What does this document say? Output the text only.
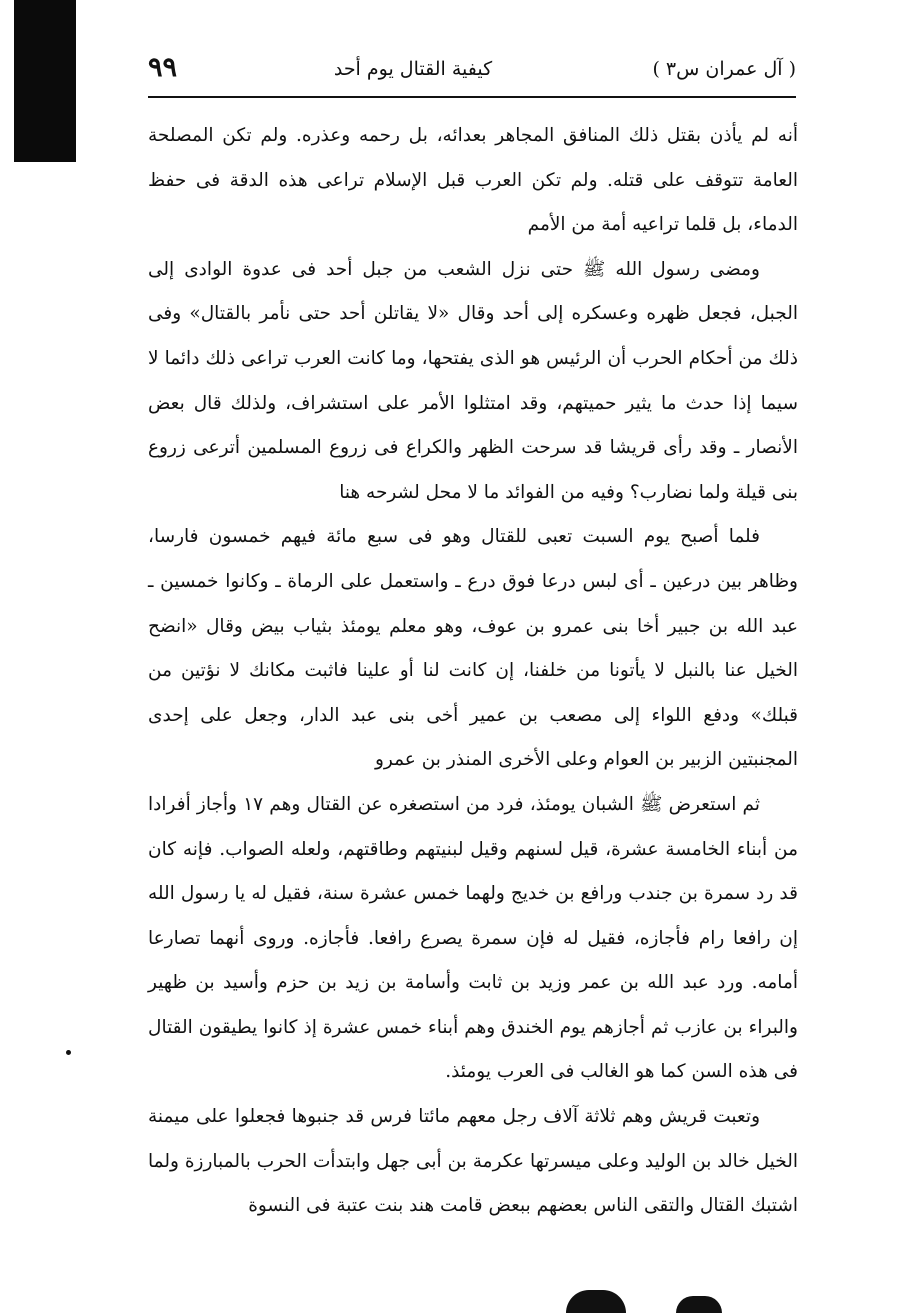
٩٩	كيفية القتال يوم أحد	( آل عمران س٣ )

أنه لم يأذن بقتل ذلك المنافق المجاهر بعدائه، بل رحمه وعذره. ولم تكن المصلحة العامة تتوقف على قتله. ولم تكن العرب قبل الإسلام تراعى هذه الدقة فى حفظ الدماء، بل قلما تراعيه أمة من الأمم

ومضى رسول الله ﷺ حتى نزل الشعب من جبل أحد فى عدوة الوادى إلى الجبل، فجعل ظهره وعسكره إلى أحد وقال «لا يقاتلن أحد حتى نأمر بالقتال» وفى ذلك من أحكام الحرب أن الرئيس هو الذى يفتحها، وما كانت العرب تراعى ذلك دائما لا سيما إذا حدث ما يثير حميتهم، وقد امتثلوا الأمر على استشراف، ولذلك قال بعض الأنصار ـ وقد رأى قريشا قد سرحت الظهر والكراع فى زروع المسلمين أترعى زروع بنى قيلة ولما نضارب؟ وفيه من الفوائد ما لا محل لشرحه هنا

فلما أصبح يوم السبت تعبى للقتال وهو فى سبع مائة فيهم خمسون فارسا، وظاهر بين درعين ـ أى لبس درعا فوق درع ـ واستعمل على الرماة ـ وكانوا خمسين ـ عبد الله بن جبير أخا بنى عمرو بن عوف، وهو معلم يومئذ بثياب بيض وقال «انضح الخيل عنا بالنبل لا يأتونا من خلفنا، إن كانت لنا أو علينا فاثبت مكانك لا نؤتين من قبلك» ودفع اللواء إلى مصعب بن عمير أخى بنى عبد الدار، وجعل على إحدى المجنبتين الزبير بن العوام وعلى الأخرى المنذر بن عمرو

ثم استعرض ﷺ الشبان يومئذ، فرد من استصغره عن القتال وهم ١٧ وأجاز أفرادا من أبناء الخامسة عشرة، قيل لسنهم وقيل لبنيتهم وطاقتهم، ولعله الصواب. فإنه كان قد رد سمرة بن جندب ورافع بن خديج ولهما خمس عشرة سنة، فقيل له يا رسول الله إن رافعا رام فأجازه، فقيل له فإن سمرة يصرع رافعا. فأجازه. وروى أنهما تصارعا أمامه. ورد عبد الله بن عمر وزيد بن ثابت وأسامة بن زيد بن حزم وأسيد بن ظهير والبراء بن عازب ثم أجازهم يوم الخندق وهم أبناء خمس عشرة إذ كانوا يطيقون القتال فى هذه السن كما هو الغالب فى العرب يومئذ.

وتعبت قريش وهم ثلاثة آلاف رجل معهم مائتا فرس قد جنبوها فجعلوا على ميمنة الخيل خالد بن الوليد وعلى ميسرتها عكرمة بن أبى جهل وابتدأت الحرب بالمبارزة ولما اشتبك القتال والتقى الناس بعضهم ببعض قامت هند بنت عتبة فى النسوة
